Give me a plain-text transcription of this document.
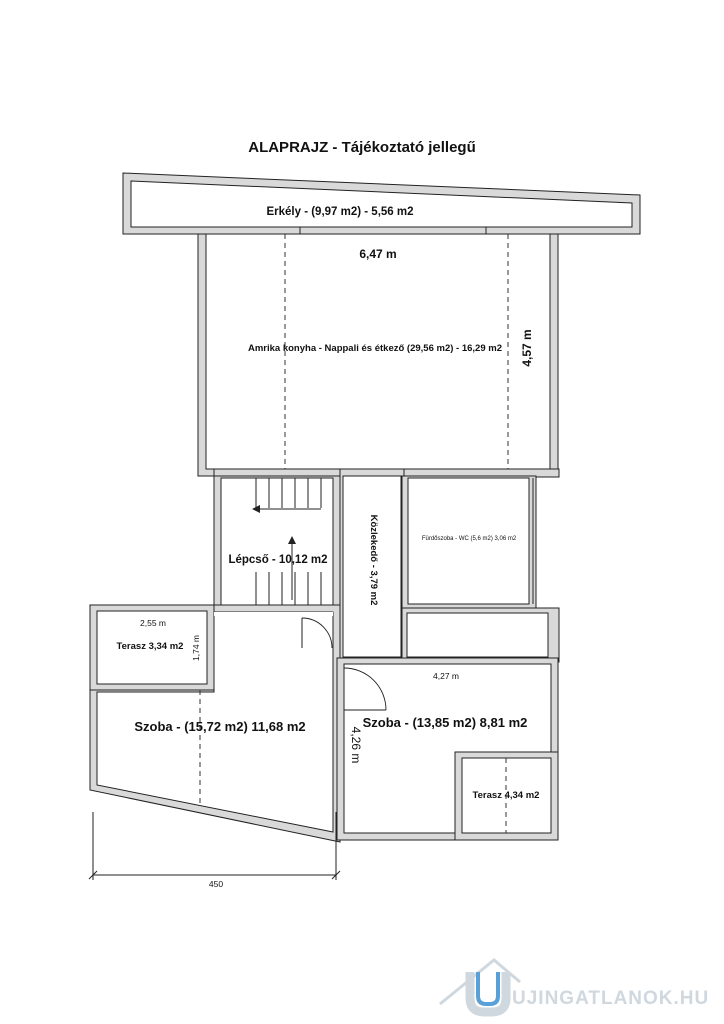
ALAPRAJZ - Tájékoztató jellegű
Erkély - (9,97 m2) - 5,56 m2
6,47 m
4,57 m
Amrika konyha - Nappali és étkező (29,56 m2) - 16,29 m2
Lépcső - 10,12 m2	Közlekedő - 3,79 m2	Fürdőszoba - WC (5,6 m2) 3,06 m2
2,55 m
1,74 m
Terasz 3,34 m2
Szoba - (15,72 m2) 11,68 m2
4,27 m
4,26 m
Szoba - (13,85 m2) 8,81 m2
Terasz 4,34 m2
450
UJINGATLANOK.HU
